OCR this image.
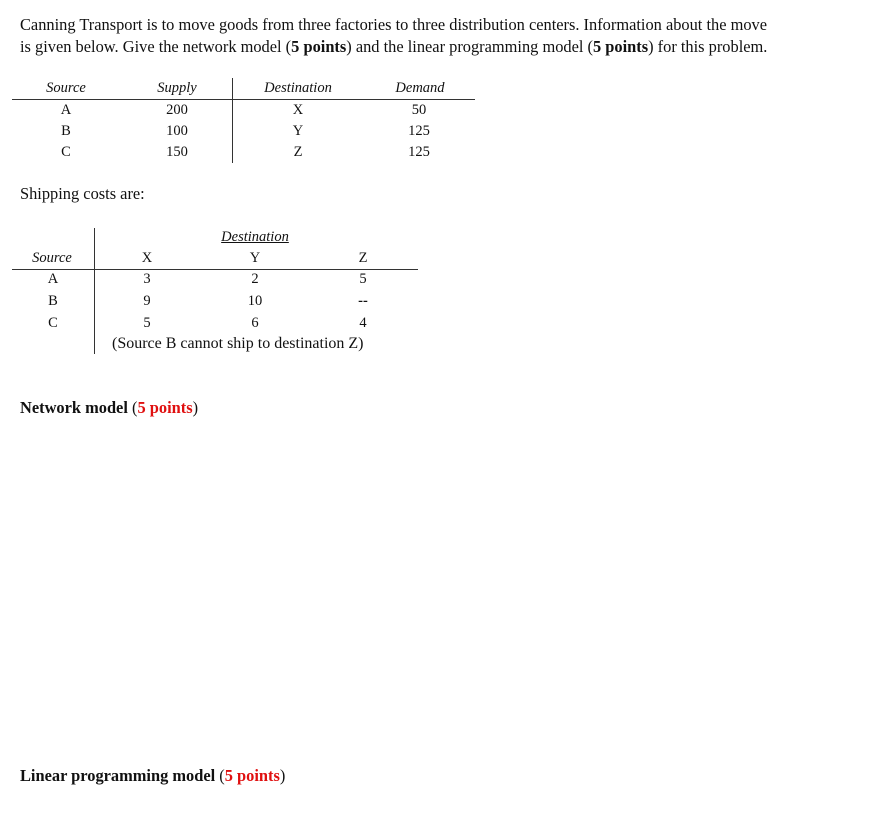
Canning Transport is to move goods from three factories to three distribution centers. Information about the move
is given below. Give the network model (5 points) and the linear programming model (5 points) for this problem.
Source	Supply	Destination	Demand
A	200	X	50
B	100	Y	125
C	150	Z	125
Shipping costs are:
Destination
Source	X	Y	Z
A	3	2	5
B	9	10	--
C	5	6	4
(Source B cannot ship to destination Z)
Network model (5 points)
Linear programming model (5 points)
